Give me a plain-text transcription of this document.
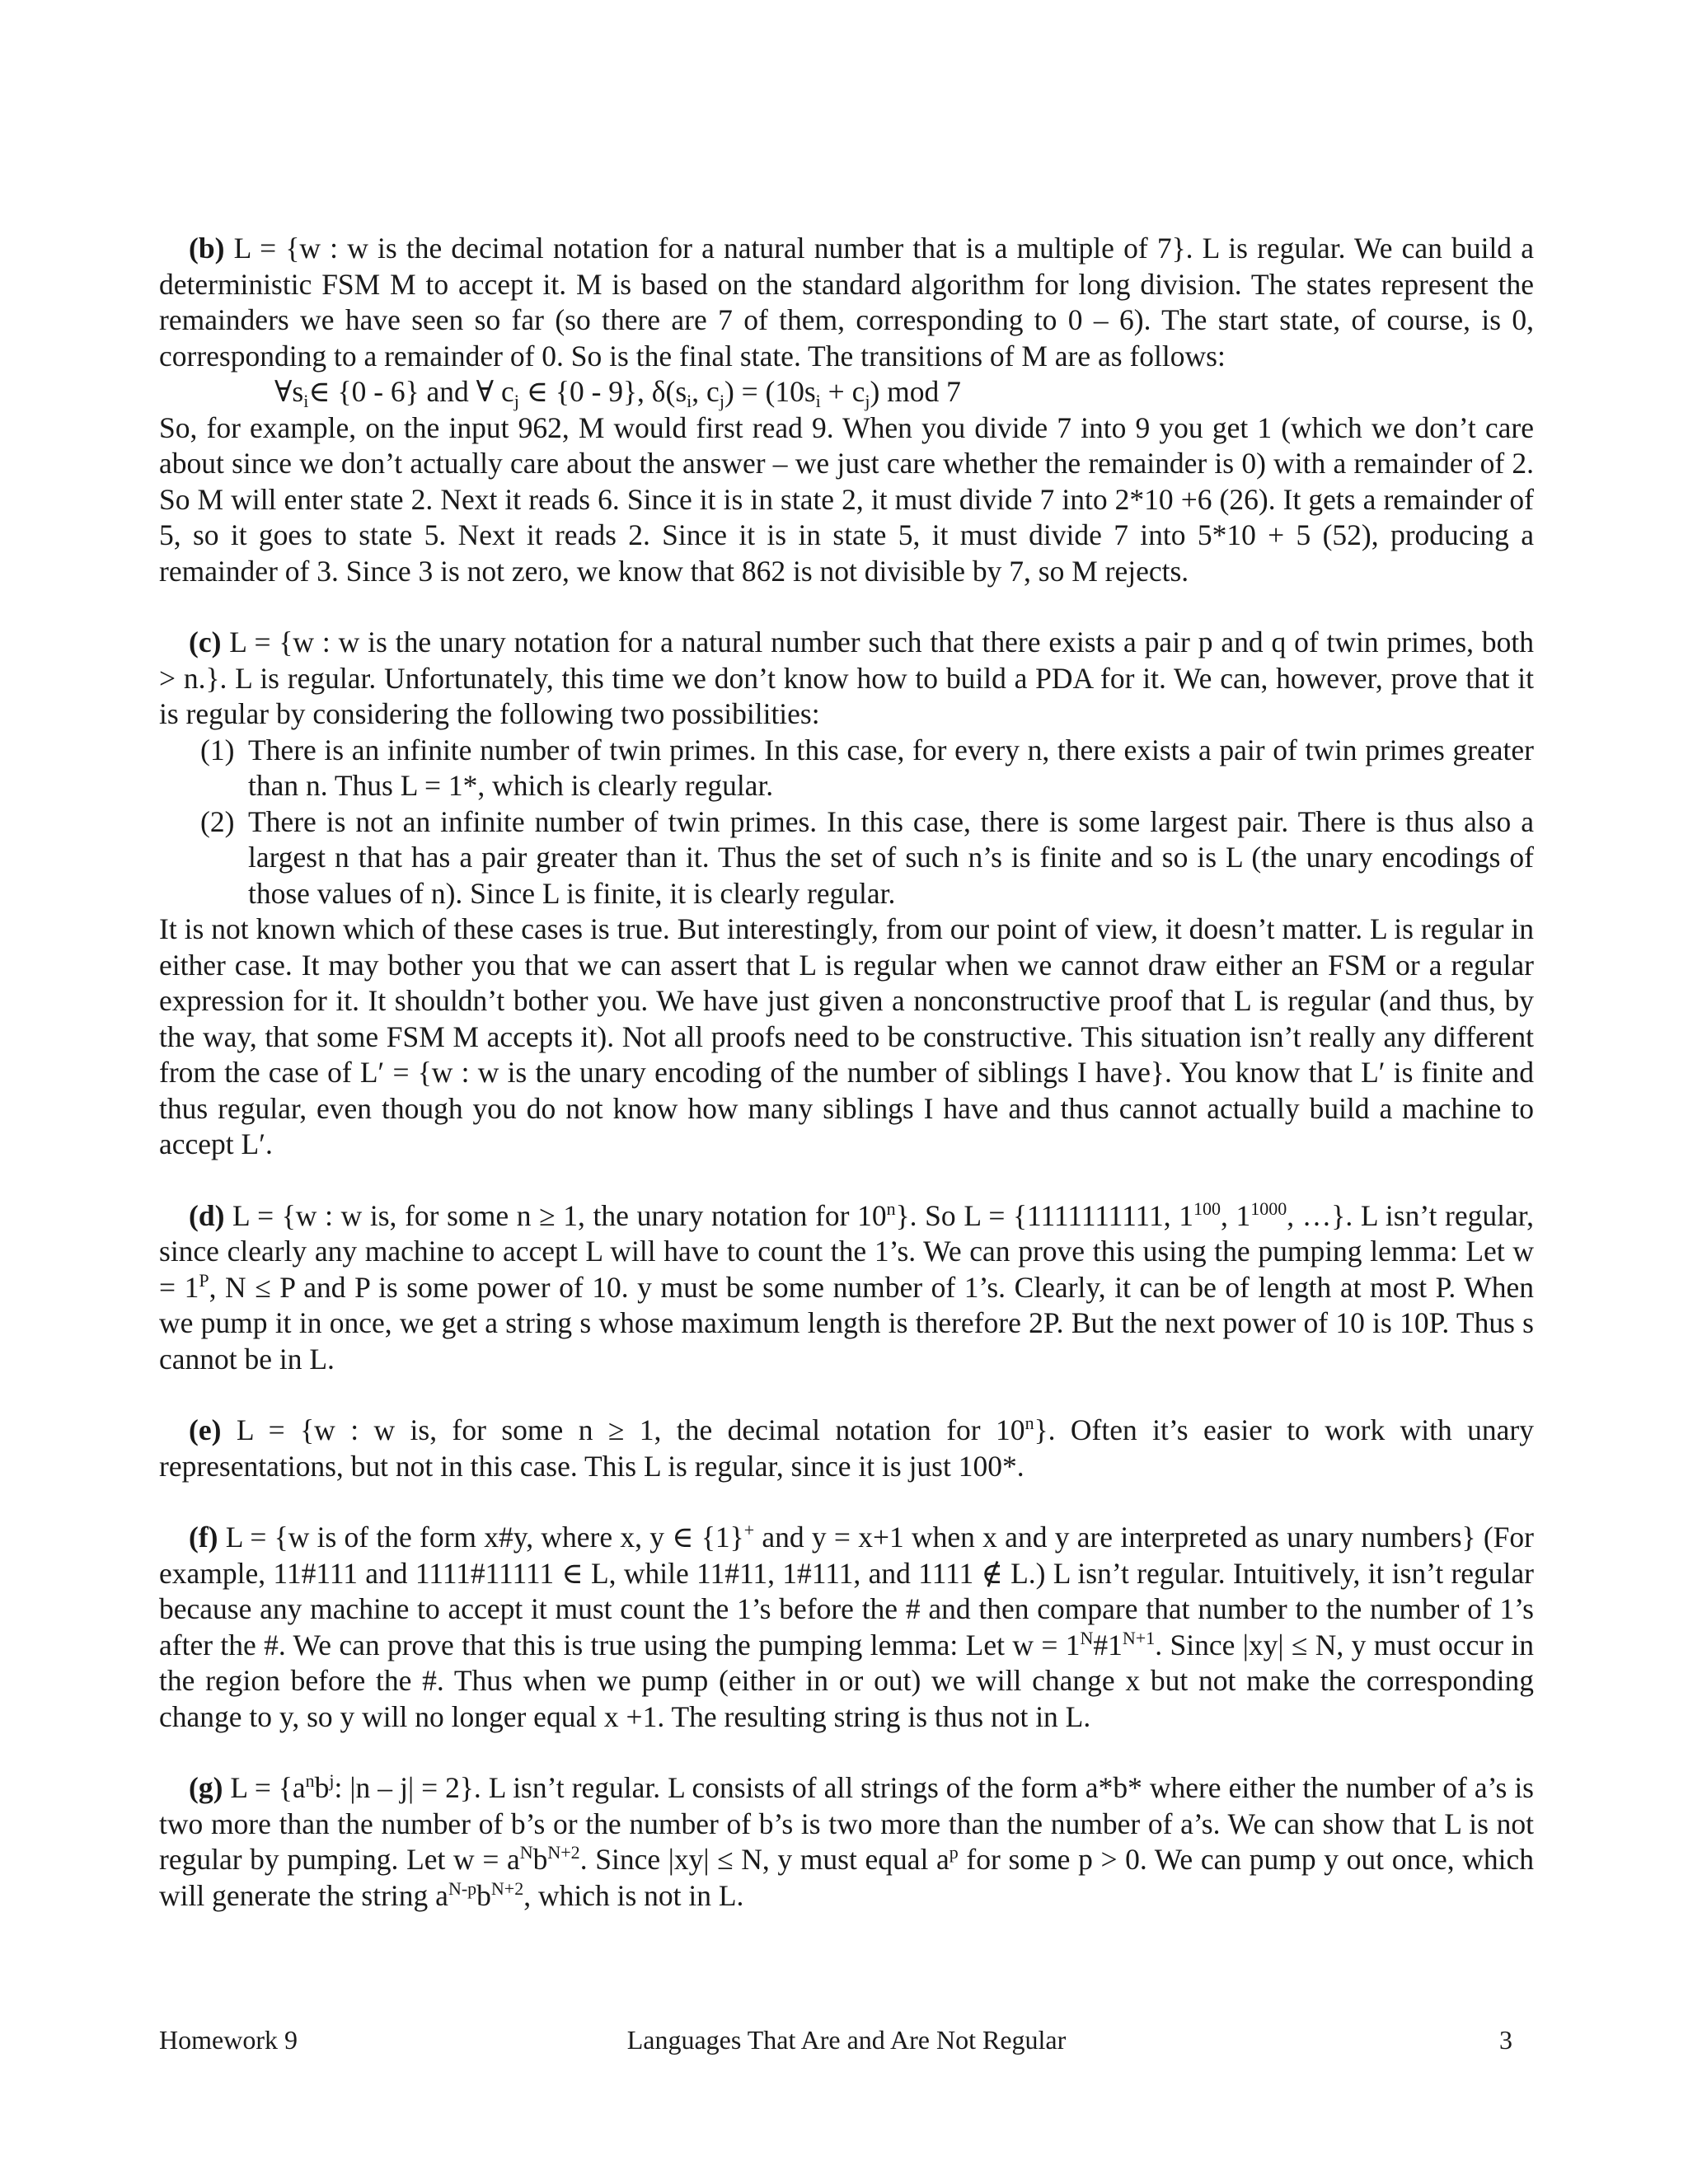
(b) L = {w : w is the decimal notation for a natural number that is a multiple of 7}. L is regular. We can build a deterministic FSM M to accept it. M is based on the standard algorithm for long division. The states represent the remainders we have seen so far (so there are 7 of them, corresponding to 0 – 6). The start state, of course, is 0, corresponding to a remainder of 0. So is the final state. The transitions of M are as follows:

$\forall s_i\in$ {0 - 6} and ∀ $c_j$ ∈ {0 - 9}, $\delta(s_i$, $c_j) = (10s_i + c_j)$ mod 7

So, for example, on the input 962, M would first read 9. When you divide 7 into 9 you get 1 (which we don’t care about since we don’t actually care about the answer – we just care whether the remainder is 0) with a remainder of 2. So M will enter state 2. Next it reads 6. Since it is in state 2, it must divide 7 into 2*10 +6 (26). It gets a remainder of 5, so it goes to state 5. Next it reads 2. Since it is in state 5, it must divide 7 into 5*10 + 5 (52), producing a remainder of 3. Since 3 is not zero, we know that 862 is not divisible by 7, so M rejects.

(c) L = {w : w is the unary notation for a natural number such that there exists a pair p and q of twin primes, both > n.}. L is regular. Unfortunately, this time we don’t know how to build a PDA for it. We can, however, prove that it is regular by considering the following two possibilities:

(1) There is an infinite number of twin primes. In this case, for every n, there exists a pair of twin primes greater than n. Thus L = 1*, which is clearly regular.

(2) There is not an infinite number of twin primes. In this case, there is some largest pair. There is thus also a largest n that has a pair greater than it. Thus the set of such n’s is finite and so is L (the unary encodings of those values of n). Since L is finite, it is clearly regular.

It is not known which of these cases is true. But interestingly, from our point of view, it doesn’t matter. L is regular in either case. It may bother you that we can assert that L is regular when we cannot draw either an FSM or a regular expression for it. It shouldn’t bother you. We have just given a nonconstructive proof that L is regular (and thus, by the way, that some FSM M accepts it). Not all proofs need to be constructive. This situation isn’t really any different from the case of L′ = {w : w is the unary encoding of the number of siblings I have}. You know that L′ is finite and thus regular, even though you do not know how many siblings I have and thus cannot actually build a machine to accept L′.

(d) L = {w : w is, for some n ≥ 1, the unary notation for 10$^n$}. So L = {1111111111, $1^{100}$, $1^{1000}$, …}. L isn’t regular, since clearly any machine to accept L will have to count the 1’s. We can prove this using the pumping lemma: Let $w = 1^P$, N ≤ P and P is some power of 10. y must be some number of 1’s. Clearly, it can be of length at most P. When we pump it in once, we get a string s whose maximum length is therefore 2P. But the next power of 10 is 10P. Thus s cannot be in L.

(e) L = {w : w is, for some n ≥ 1, the decimal notation for 10$^n$}. Often it’s easier to work with unary representations, but not in this case. This L is regular, since it is just 100*.

(f) L = {w is of the form x#y, where x, y ∈ {1}+ and y = x+1 when x and y are interpreted as unary numbers} (For example, 11#111 and 1111#11111 ∈ L, while 11#11, 1#111, and 1111 ∉ L.) L isn’t regular. Intuitively, it isn’t regular because any machine to accept it must count the 1’s before the # and then compare that number to the number of 1’s after the #. We can prove that this is true using the pumping lemma: Let $w = 1^N\#1^{N+1}$. Since |xy| ≤ N, y must occur in the region before the #. Thus when we pump (either in or out) we will change x but not make the corresponding change to y, so y will no longer equal x +1. The resulting string is thus not in L.

(g) $L = \{a^nb^j$: |n – j| = 2}. L isn’t regular. L consists of all strings of the form a*b* where either the number of a’s is two more than the number of b’s or the number of b’s is two more than the number of a’s. We can show that L is not regular by pumping. Let $w = a^Nb^{N+2}$. Since |xy| ≤ N, y must equal $a^p$ for some p > 0. We can pump y out once, which will generate the string $a^{N-p}b^{N+2}$, which is not in L.

Languages That Are and Are Not Regular
Homework 9	3
